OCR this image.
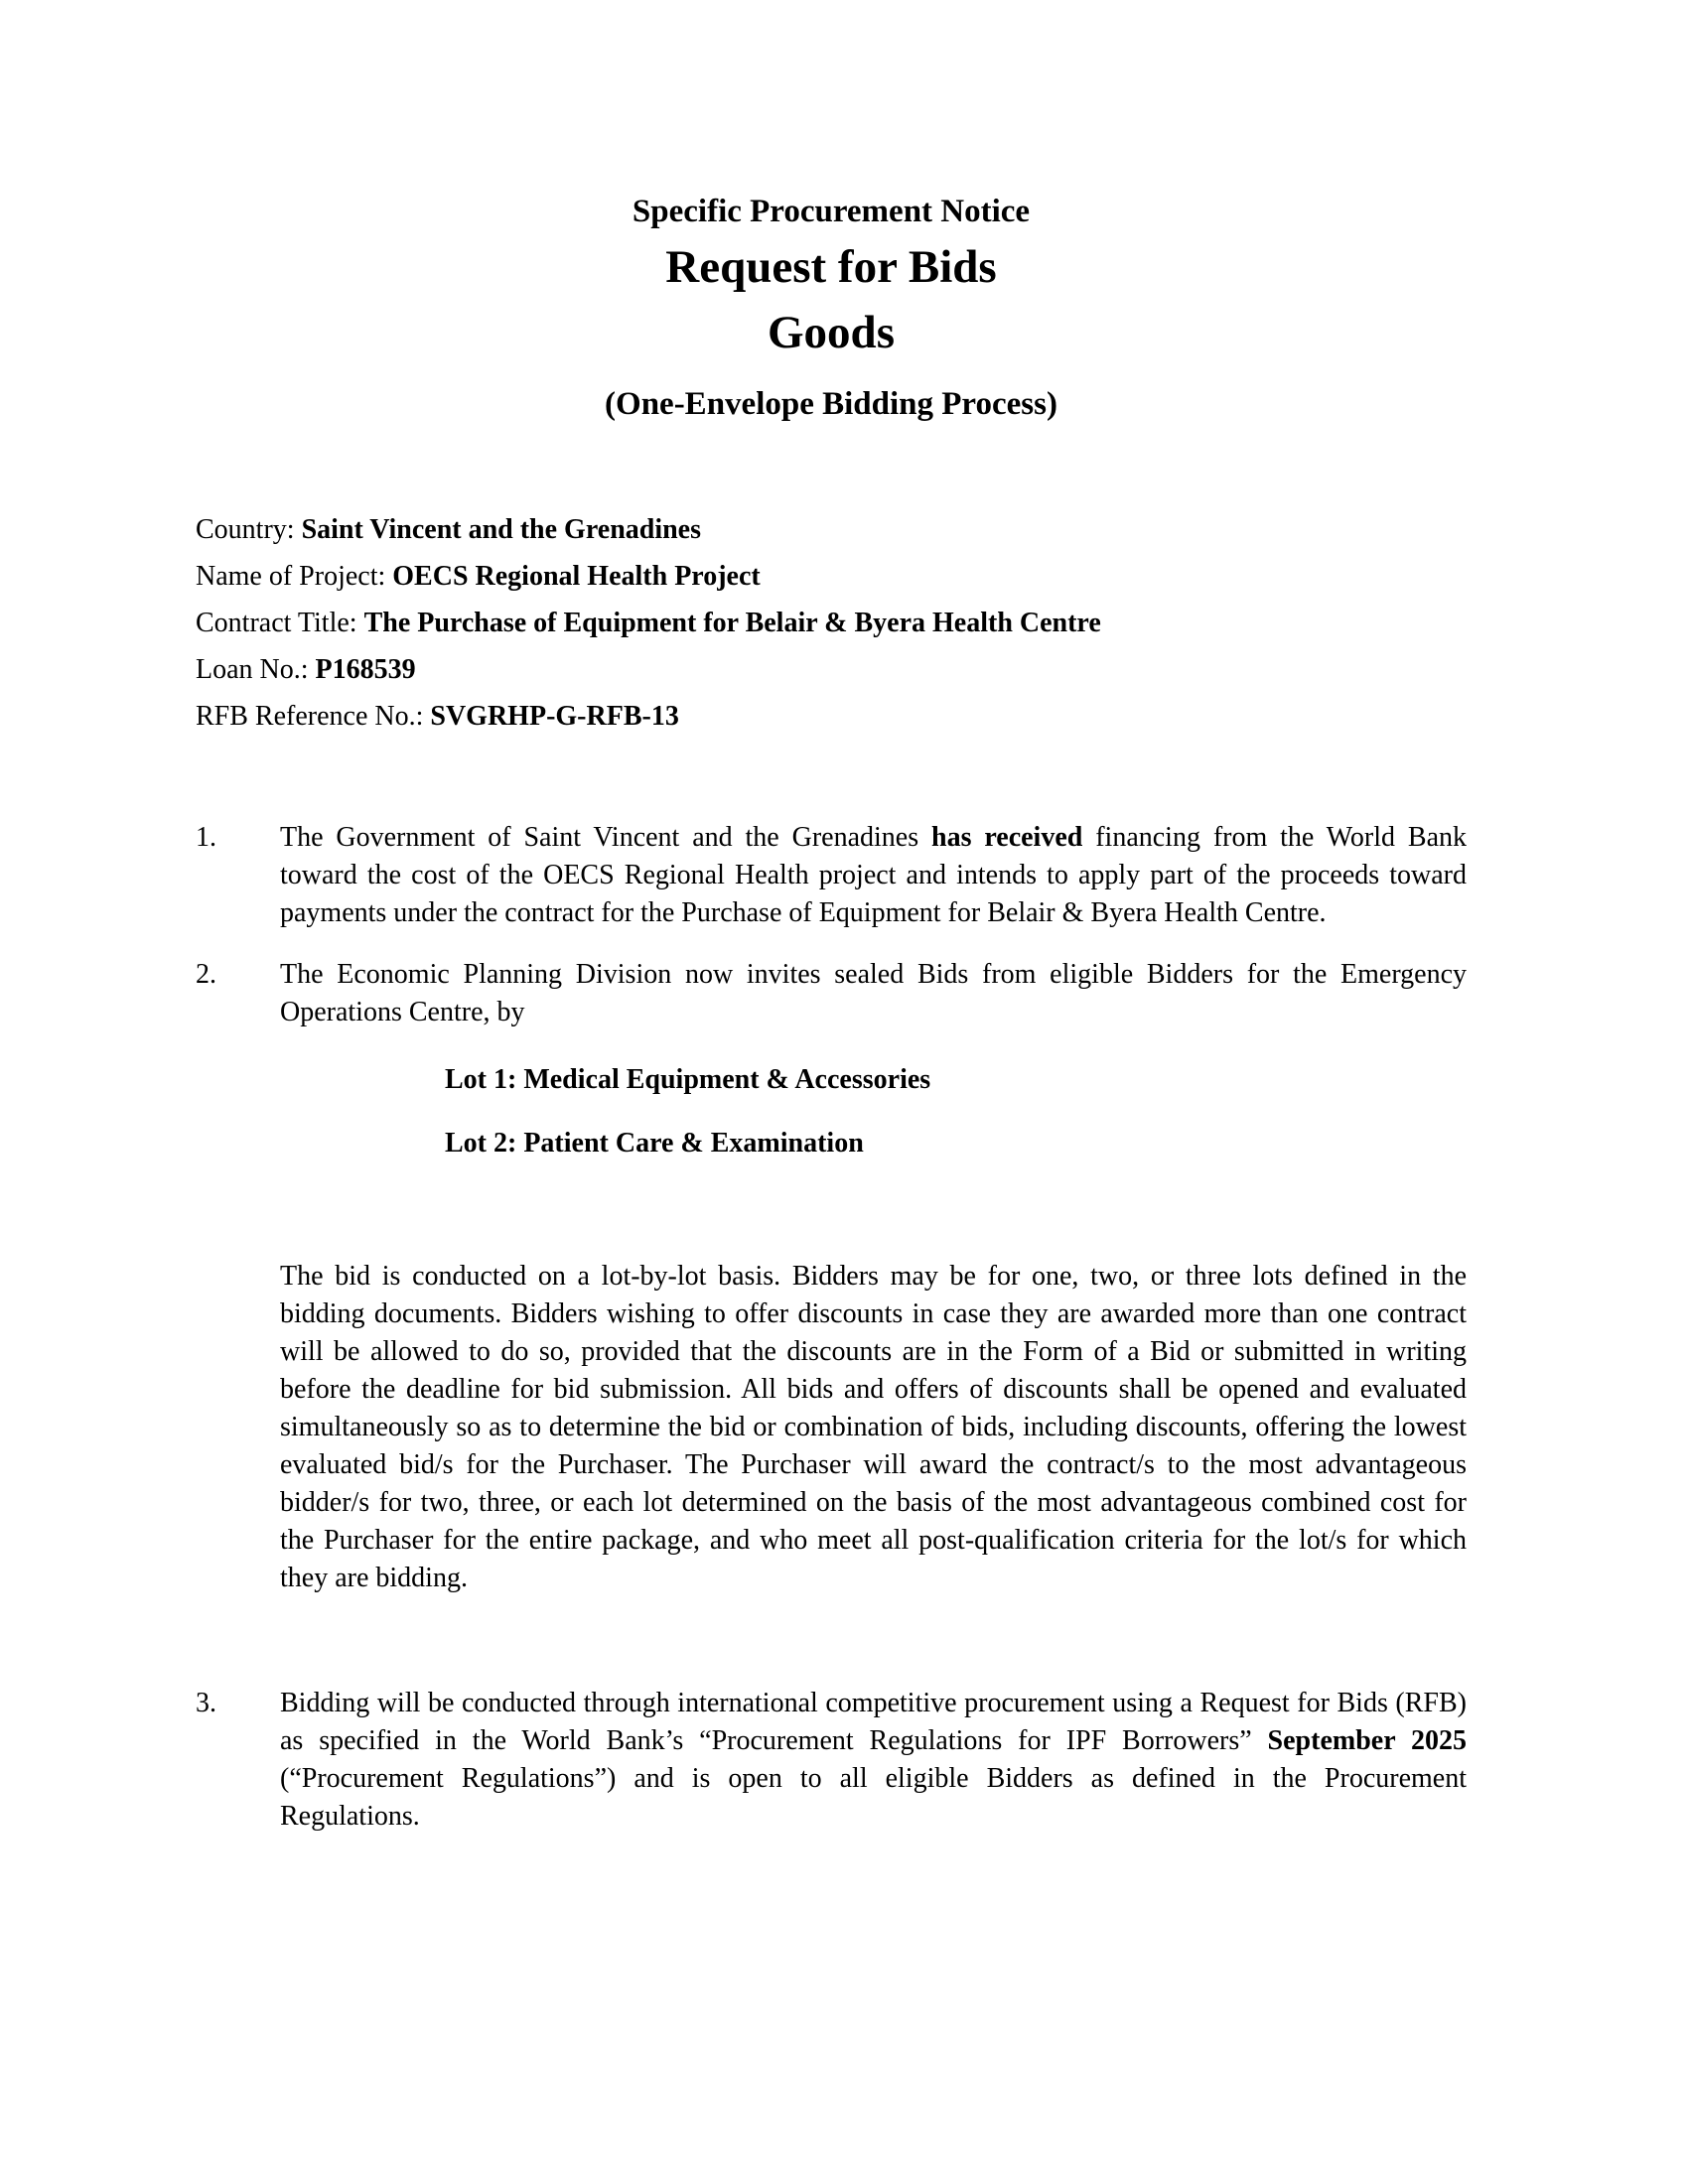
Specific Procurement Notice
Request for Bids
Goods
(One-Envelope Bidding Process)

Country: Saint Vincent and the Grenadines

Name of Project: OECS Regional Health Project

Contract Title: The Purchase of Equipment for Belair & Byera Health Centre

Loan No.: P168539

RFB Reference No.: SVGRHP-G-RFB-13

1. The Government of Saint Vincent and the Grenadines has received financing from the World Bank toward the cost of the OECS Regional Health project and intends to apply part of the proceeds toward payments under the contract for the Purchase of Equipment for Belair & Byera Health Centre.

2. The Economic Planning Division now invites sealed Bids from eligible Bidders for the Emergency Operations Centre, by

Lot 1: Medical Equipment & Accessories

Lot 2: Patient Care & Examination

The bid is conducted on a lot-by-lot basis. Bidders may be for one, two, or three lots defined in the bidding documents. Bidders wishing to offer discounts in case they are awarded more than one contract will be allowed to do so, provided that the discounts are in the Form of a Bid or submitted in writing before the deadline for bid submission. All bids and offers of discounts shall be opened and evaluated simultaneously so as to determine the bid or combination of bids, including discounts, offering the lowest evaluated bid/s for the Purchaser. The Purchaser will award the contract/s to the most advantageous bidder/s for two, three, or each lot determined on the basis of the most advantageous combined cost for the Purchaser for the entire package, and who meet all post-qualification criteria for the lot/s for which they are bidding.

3. Bidding will be conducted through international competitive procurement using a Request for Bids (RFB) as specified in the World Bank’s “Procurement Regulations for IPF Borrowers” September 2025 (“Procurement Regulations”) and is open to all eligible Bidders as defined in the Procurement Regulations.
